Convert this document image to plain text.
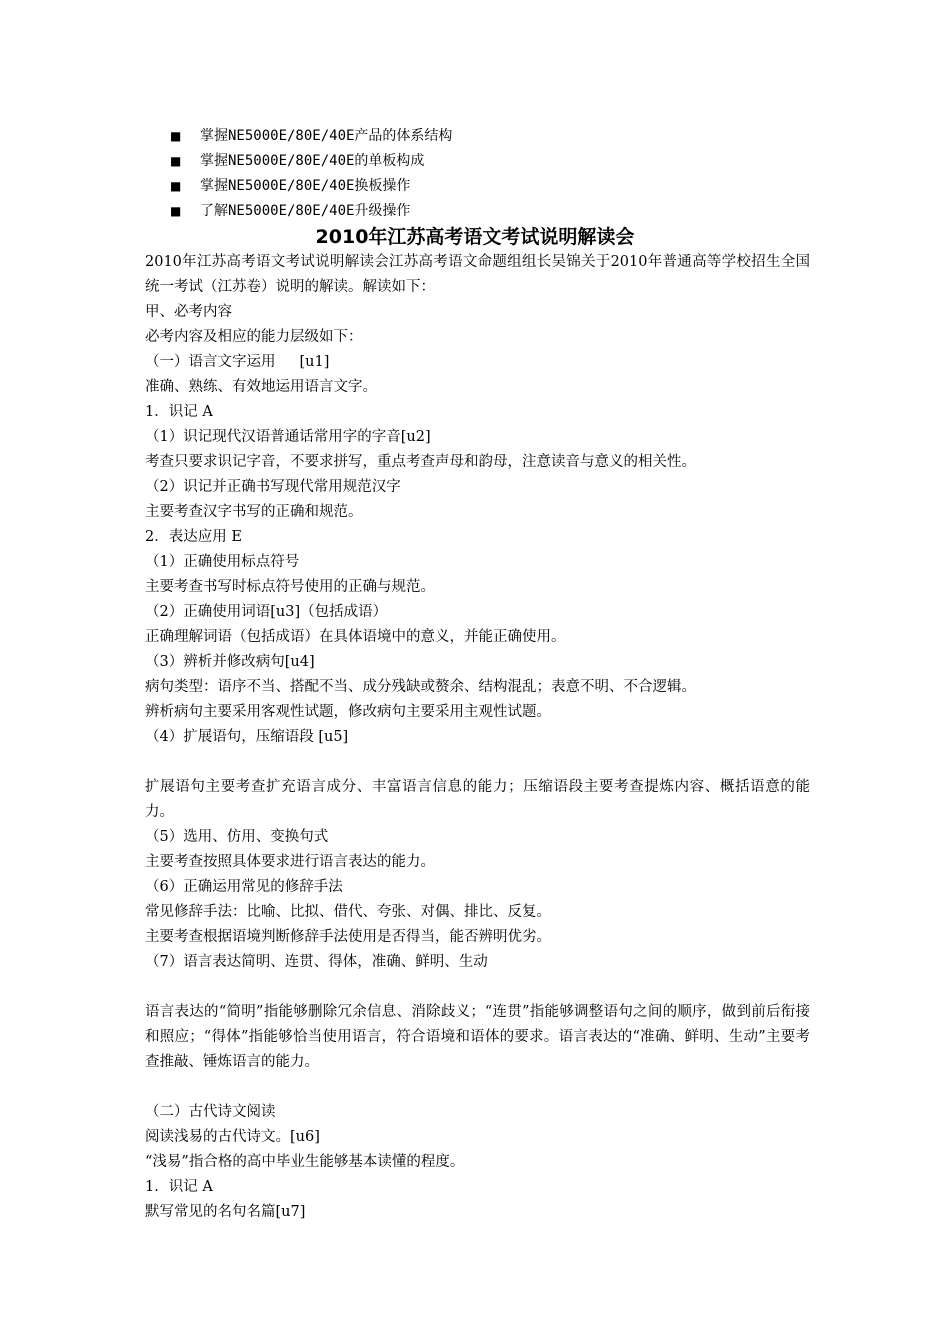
■ 掌握NE5000E/80E/40E产品的体系结构
■ 掌握NE5000E/80E/40E的单板构成
■ 掌握NE5000E/80E/40E换板操作
■ 了解NE5000E/80E/40E升级操作
2010年江苏高考语文考试说明解读会

2010年江苏高考语文考试说明解读会江苏高考语文命题组组长吴锦关于2010年普通高等学校招生全国统一考试（江苏卷）说明的解读。解读如下：

甲、必考内容

必考内容及相应的能力层级如下：

（一）语言文字运用 [u1]

准确、熟练、有效地运用语言文字。

1．识记 A

（1）识记现代汉语普通话常用字的字音[u2]

考查只要求识记字音，不要求拼写，重点考查声母和韵母，注意读音与意义的相关性。

（2）识记并正确书写现代常用规范汉字

主要考查汉字书写的正确和规范。

2．表达应用 E

（1）正确使用标点符号

主要考查书写时标点符号使用的正确与规范。

（2）正确使用词语[u3]（包括成语）

正确理解词语（包括成语）在具体语境中的意义，并能正确使用。

（3）辨析并修改病句[u4]

病句类型：语序不当、搭配不当、成分残缺或赘余、结构混乱；表意不明、不合逻辑。

辨析病句主要采用客观性试题，修改病句主要采用主观性试题。

（4）扩展语句，压缩语段 [u5]

扩展语句主要考查扩充语言成分、丰富语言信息的能力；压缩语段主要考查提炼内容、概括语意的能力。

（5）选用、仿用、变换句式

主要考查按照具体要求进行语言表达的能力。

（6）正确运用常见的修辞手法

常见修辞手法：比喻、比拟、借代、夸张、对偶、排比、反复。

主要考查根据语境判断修辞手法使用是否得当，能否辨明优劣。

（7）语言表达简明、连贯、得体，准确、鲜明、生动

语言表达的“简明”指能够删除冗余信息、消除歧义；“连贯”指能够调整语句之间的顺序，做到前后衔接和照应；“得体”指能够恰当使用语言，符合语境和语体的要求。语言表达的“准确、鲜明、生动”主要考查推敲、锤炼语言的能力。

（二）古代诗文阅读

阅读浅易的古代诗文。[u6]

“浅易”指合格的高中毕业生能够基本读懂的程度。

1．识记 A

默写常见的名句名篇[u7]
